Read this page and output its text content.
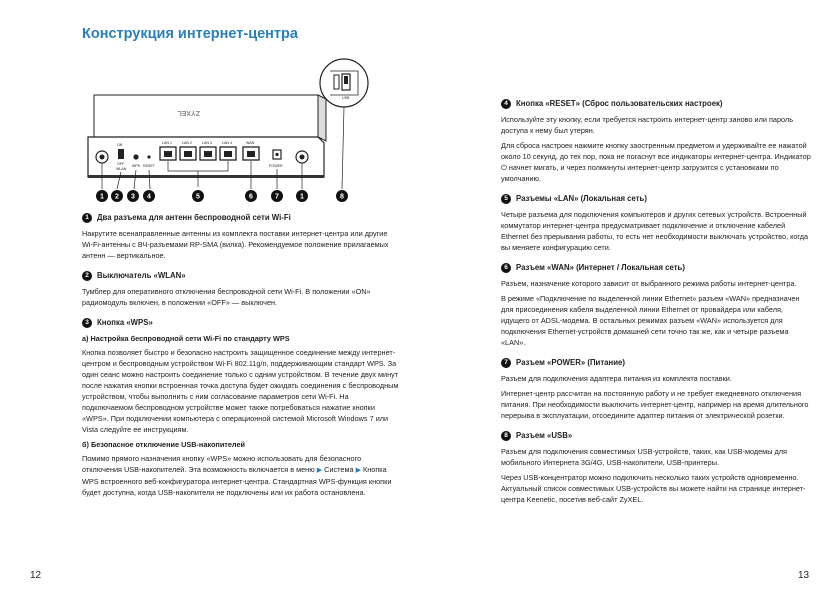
Конструкция интернет-центра
ZYXEL
ON
OFF
WLAN
WPS RESET
LAN 1	LAN 2	LAN 3	LAN 4	WAN
POWER
USB
1 2 3 4	5	6	7	1	8
1	Два разъема для антенн беспроводной сети Wi-Fi

Накрутите всенаправленные антенны из комплекта поставки интернет-центра или другие Wi-Fi-антенны с ВЧ-разъемами RP-SMA (вилка). Рекомендуемое положение прилагаемых антенн — вертикальное.

2	Выключатель «WLAN»

Тумблер для оперативного отключения беспроводной сети Wi-Fi. В положении «ON» радиомодуль включен, в положении «OFF» — выключен.

3	Кнопка «WPS»
а) Настройка беспроводной сети Wi-Fi по стандарту WPS

Кнопка позволяет быстро и безопасно настроить защищенное соединение между интернет-центром и беспроводным устройством Wi-Fi 802.11g/n, поддерживающим стандарт WPS. За один сеанс можно настроить соединение только с одним устройством. В течение двух минут после нажатия кнопки встроенная точка доступа будет ожидать соединения с беспроводным устройством, чтобы выполнить с ним согласование параметров сети Wi-Fi. На подключаемом беспроводном устройстве может также потребоваться нажатие кнопки «WPS». При подключении компьютера с операционной системой Microsoft Windows 7 или Vista следуйте ее инструкциям.

б) Безопасное отключение USB-накопителей

Помимо прямого назначения кнопку «WPS» можно использовать для безопасного отключения USB-накопителей. Эта возможность включается в меню ▶ Система ▶ Кнопка WPS встроенного веб-конфигуратора интернет-центра. Стандартная WPS-функция кнопки будет доступна, когда USB-накопители не подключены или их работа остановлена.

4	Кнопка «RESET» (Сброс пользовательских настроек)

Используйте эту кнопку, если требуется настроить интернет-центр заново или пароль доступа к нему был утерян.

Для сброса настроек нажмите кнопку заостренным предметом и удерживайте ее нажатой около 10 секунд, до тех пор, пока не погаснут все индикаторы интернет-центра. Индикатор ⏻ начнет мигать, и через полминуты интернет-центр загрузится с установками по умолчанию.

5	Разъемы «LAN» (Локальная сеть)

Четыре разъема для подключения компьютеров и других сетевых устройств. Встроенный коммутатор интернет-центра предусматривает подключение и отключение кабелей Ethernet без прерывания работы, то есть нет необходимости выключать устройство, когда вы меняете конфигурацию сети.

6	Разъем «WAN» (Интернет / Локальная сеть)

Разъем, назначение которого зависит от выбранного режима работы интернет-центра.

В режиме «Подключение по выделенной линии Ethernet» разъем «WAN» предназначен для присоединения кабеля выделенной линии Ethernet от провайдера или кабеля, идущего от ADSL-модема. В остальных режимах разъем «WAN» используется для подключения Ethernet-устройств домашней сети точно так же, как и четыре разъема «LAN».

7	Разъем «POWER» (Питание)

Разъем для подключения адаптера питания из комплекта поставки.

Интернет-центр рассчитан на постоянную работу и не требует ежедневного отключения питания. При необходимости выключить интернет-центр, например на время длительного перерыва в эксплуатации, отсоедините адаптер питания от электрической розетки.

8	Разъем «USB»

Разъем для подключения совместимых USB-устройств, таких, как USB-модемы для мобильного Интернета 3G/4G, USB-накопители, USB-принтеры.

Через USB-концентратор можно подключить несколько таких устройств одновременно. Актуальный список совместимых USB-устройств вы можете найти на странице интернет-центра Keenetic, посетив веб-сайт ZyXEL.

12	13
